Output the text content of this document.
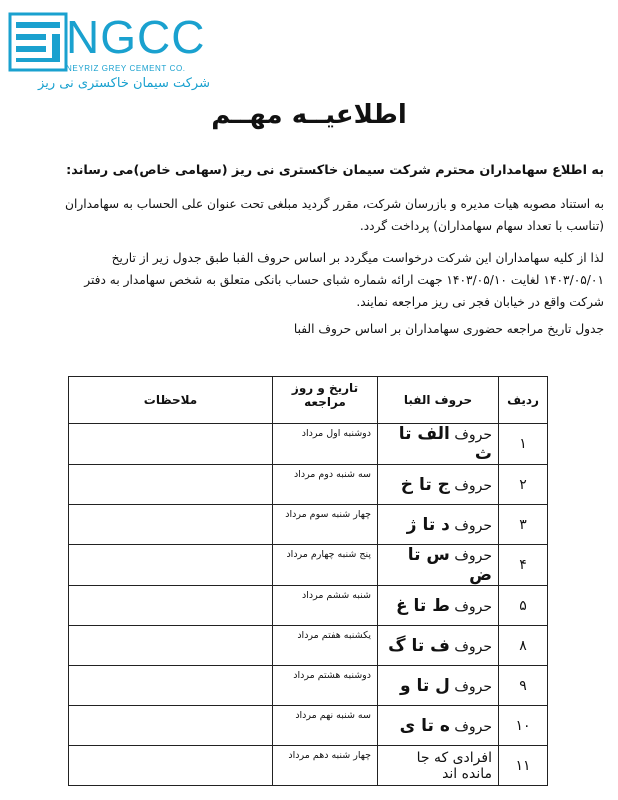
NGCC
NEYRIZ GREY CEMENT CO.
شرکت سیمان خاکستری نی ریز
اطلاعیــه مهــم
به اطلاع سهامداران محترم شرکت سیمان خاکستری نی ریز (سهامی خاص)می رساند:
به استناد مصوبه هیات مدیره و بازرسان شرکت، مقرر گردید مبلغی تحت عنوان علی الحساب به سهامداران (تناسب با تعداد سهام سهامداران) پرداخت گردد.
لذا از کلیه سهامداران این شرکت درخواست میگردد بر اساس حروف الفبا طبق جدول زیر از تاریخ ۱۴۰۳/۰۵/۰۱ لغایت ۱۴۰۳/۰۵/۱۰ جهت ارائه شماره شبای حساب بانکی متعلق به شخص سهامدار به دفتر شرکت واقع در خیابان فجر نی ریز مراجعه نمایند.
جدول تاریخ مراجعه حضوری سهامداران بر اساس حروف الفبا
ردیف	حروف الفبا	تاریخ و روز مراجعه	ملاحظات
۱	حروف الف تا ث	دوشنبه اول مرداد	
۲	حروف ج تا خ	سه شنبه دوم مرداد	
۳	حروف د تا ژ	چهار شنبه سوم مرداد	
۴	حروف س تا ض	پنج شنبه چهارم مرداد	
۵	حروف ط تا غ	شنبه ششم مرداد	
۸	حروف ف تا گ	یکشنبه هفتم مرداد	
۹	حروف ل تا و	دوشنبه هشتم مرداد	
۱۰	حروف ه تا ی	سه شنبه نهم مرداد	
۱۱	افرادی که جا مانده اند	چهار شنبه دهم مرداد	
